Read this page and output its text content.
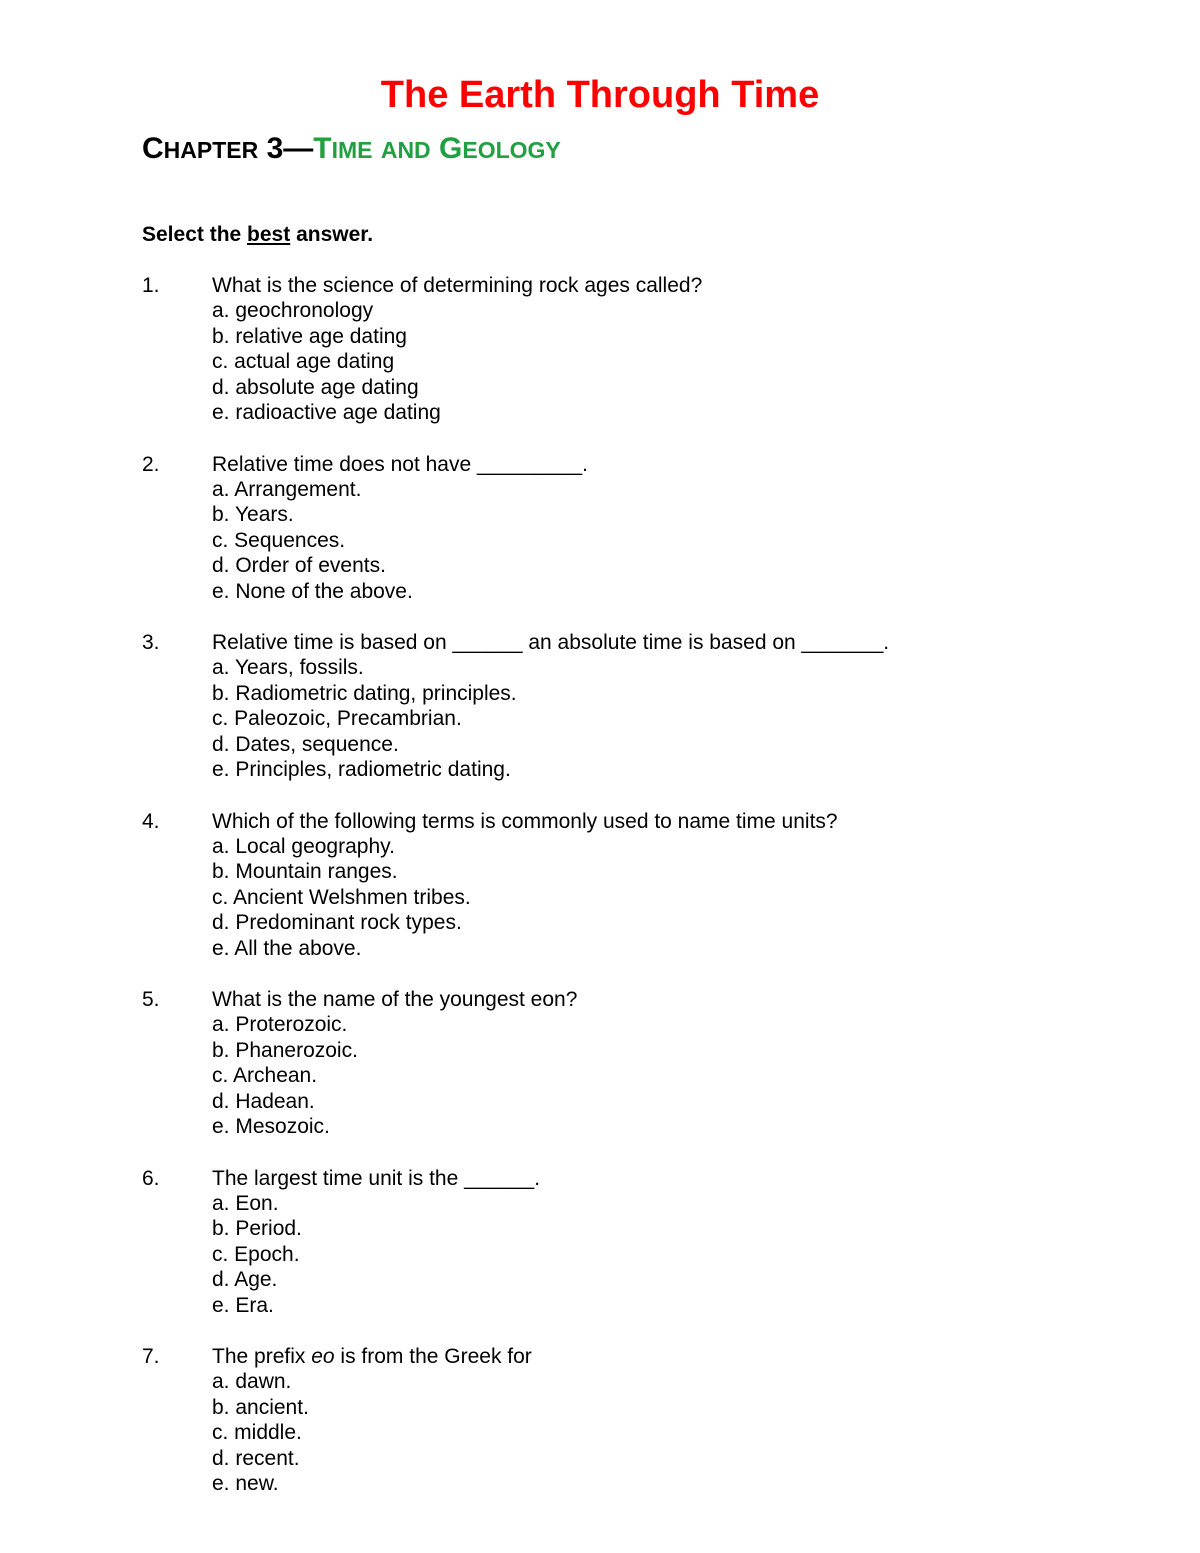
The Earth Through Time
CHAPTER 3—TIME AND GEOLOGY

Select the best answer.

1. What is the science of determining rock ages called?
a. geochronology
b. relative age dating
c. actual age dating
d. absolute age dating
e. radioactive age dating
2. Relative time does not have _________.
a. Arrangement.
b. Years.
c. Sequences.
d. Order of events.
e. None of the above.
3. Relative time is based on ______ an absolute time is based on _______.
a. Years, fossils.
b. Radiometric dating, principles.
c. Paleozoic, Precambrian.
d. Dates, sequence.
e. Principles, radiometric dating.
4. Which of the following terms is commonly used to name time units?
a. Local geography.
b. Mountain ranges.
c. Ancient Welshmen tribes.
d. Predominant rock types.
e. All the above.
5. What is the name of the youngest eon?
a. Proterozoic.
b. Phanerozoic.
c. Archean.
d. Hadean.
e. Mesozoic.
6. The largest time unit is the ______.
a. Eon.
b. Period.
c. Epoch.
d. Age.
e. Era.
7. The prefix eo is from the Greek for
a. dawn.
b. ancient.
c. middle.
d. recent.
e. new.
